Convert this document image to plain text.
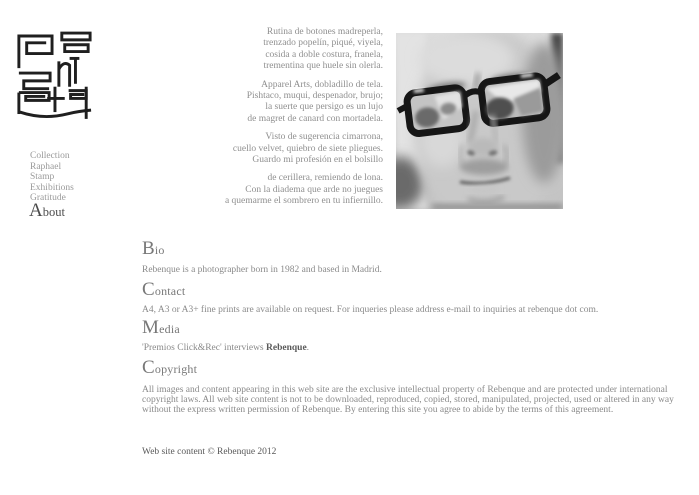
Collection
Raphael
Stamp
Exhibitions
Gratitude
About

Rutina de botones madreperla,
trenzado popelín, piqué, viyela,
cosida a doble costura, franela,
trementina que huele sin olerla.

Apparel Arts, dobladillo de tela.
Pishtaco, muqui, despenador, brujo;
la suerte que persigo es un lujo
de magret de canard con mortadela.

Visto de sugerencia cimarrona,
cuello velvet, quiebro de siete pliegues.
Guardo mi profesión en el bolsillo

de cerillera, remiendo de lona.
Con la diadema que arde no juegues
a quemarme el sombrero en tu infiernillo.

Bio

Rebenque is a photographer born in 1982 and based in Madrid.

Contact

A4, A3 or A3+ fine prints are available on request. For inqueries please address e-mail to inquiries at rebenque dot com.

Media

'Premios Click&Rec' interviews Rebenque.

Copyright

All images and content appearing in this web site are the exclusive intellectual property of Rebenque and are protected under international copyright laws. All web site content is not to be downloaded, reproduced, copied, stored, manipulated, projected, used or altered in any way without the express written permission of Rebenque. By entering this site you agree to abide by the terms of this agreement.

Web site content © Rebenque 2012
